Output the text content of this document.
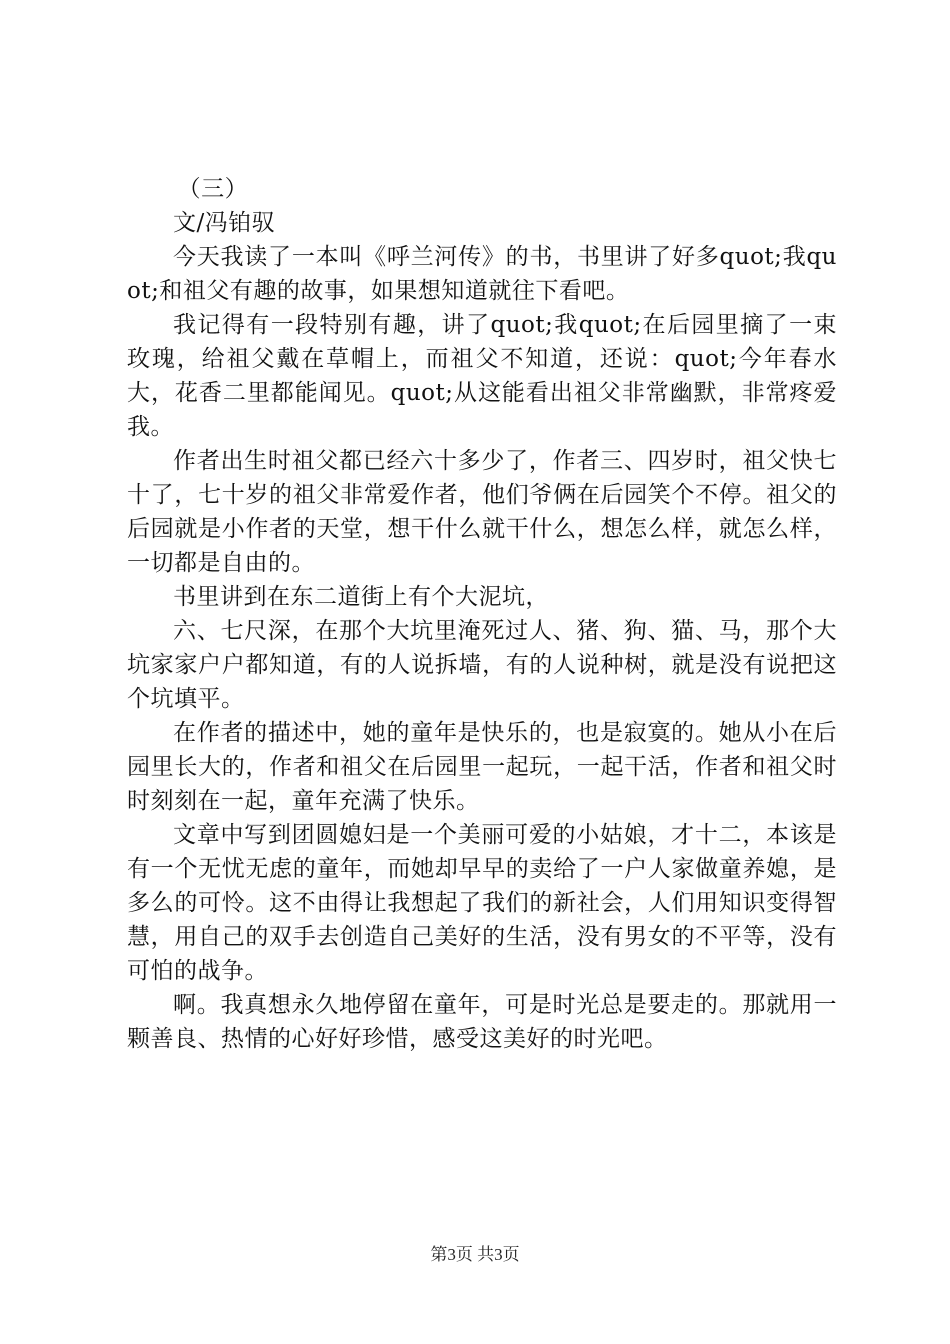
（三）

文/冯铂驭

今天我读了一本叫《呼兰河传》的书，书里讲了好多quot;我quot;和祖父有趣的故事，如果想知道就往下看吧。

我记得有一段特别有趣，讲了quot;我quot;在后园里摘了一束玫瑰，给祖父戴在草帽上，而祖父不知道，还说：quot;今年春水大，花香二里都能闻见。quot;从这能看出祖父非常幽默，非常疼爱我。

作者出生时祖父都已经六十多少了，作者三、四岁时，祖父快七十了，七十岁的祖父非常爱作者，他们爷俩在后园笑个不停。祖父的后园就是小作者的天堂，想干什么就干什么，想怎么样，就怎么样，一切都是自由的。

书里讲到在东二道街上有个大泥坑，

六、七尺深，在那个大坑里淹死过人、猪、狗、猫、马，那个大坑家家户户都知道，有的人说拆墙，有的人说种树，就是没有说把这个坑填平。

在作者的描述中，她的童年是快乐的，也是寂寞的。她从小在后园里长大的，作者和祖父在后园里一起玩，一起干活，作者和祖父时时刻刻在一起，童年充满了快乐。

文章中写到团圆媳妇是一个美丽可爱的小姑娘，才十二，本该是有一个无忧无虑的童年，而她却早早的卖给了一户人家做童养媳，是多么的可怜。这不由得让我想起了我们的新社会，人们用知识变得智慧，用自己的双手去创造自己美好的生活，没有男女的不平等，没有可怕的战争。

啊。我真想永久地停留在童年，可是时光总是要走的。那就用一颗善良、热情的心好好珍惜，感受这美好的时光吧。

第3页 共3页
